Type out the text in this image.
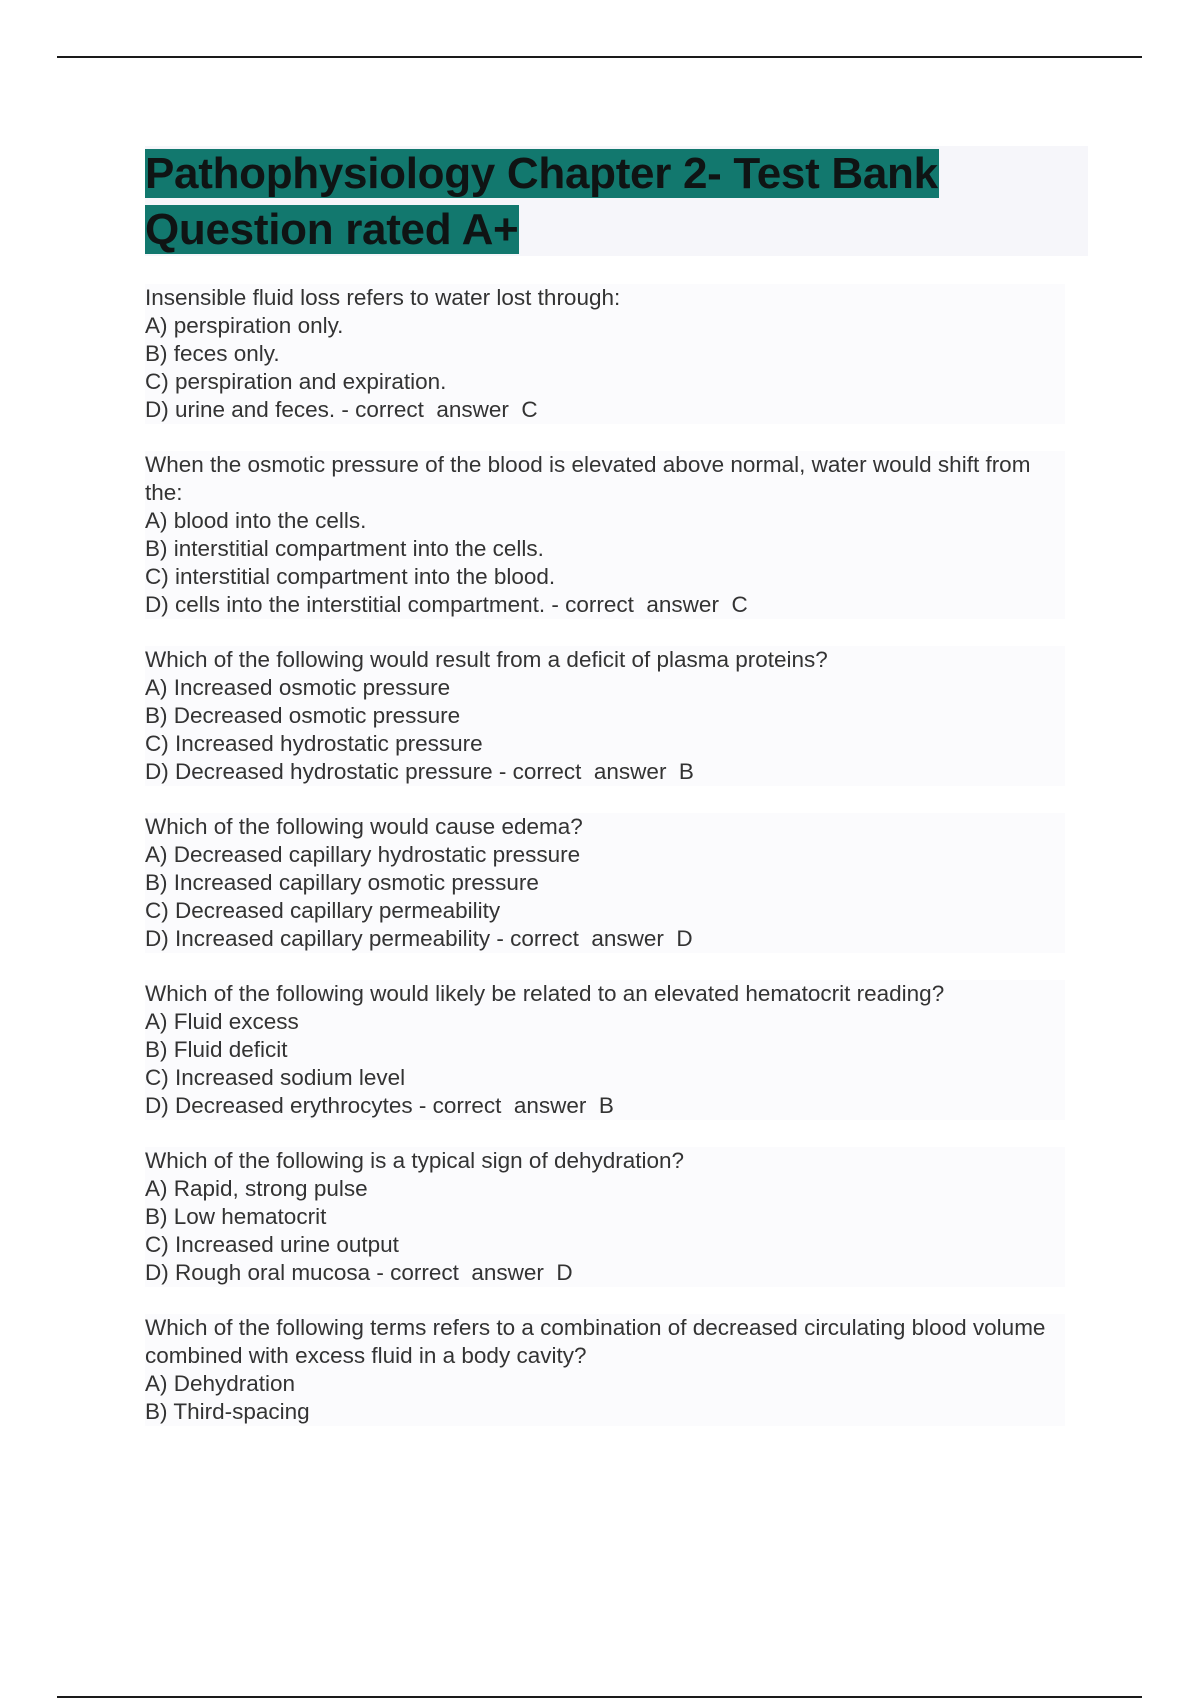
Pathophysiology Chapter 2- Test Bank Question rated A+

Insensible fluid loss refers to water lost through:

A) perspiration only.

B) feces only.

C) perspiration and expiration.

D) urine and feces. - correct  answer  C

When the osmotic pressure of the blood is elevated above normal, water would shift from the:

A) blood into the cells.

B) interstitial compartment into the cells.

C) interstitial compartment into the blood.

D) cells into the interstitial compartment. - correct  answer  C

Which of the following would result from a deficit of plasma proteins?

A) Increased osmotic pressure

B) Decreased osmotic pressure

C) Increased hydrostatic pressure

D) Decreased hydrostatic pressure - correct  answer  B

Which of the following would cause edema?

A) Decreased capillary hydrostatic pressure

B) Increased capillary osmotic pressure

C) Decreased capillary permeability

D) Increased capillary permeability - correct  answer  D

Which of the following would likely be related to an elevated hematocrit reading?

A) Fluid excess

B) Fluid deficit

C) Increased sodium level

D) Decreased erythrocytes - correct  answer  B

Which of the following is a typical sign of dehydration?

A) Rapid, strong pulse

B) Low hematocrit

C) Increased urine output

D) Rough oral mucosa - correct  answer  D

Which of the following terms refers to a combination of decreased circulating blood volume combined with excess fluid in a body cavity?

A) Dehydration

B) Third-spacing
